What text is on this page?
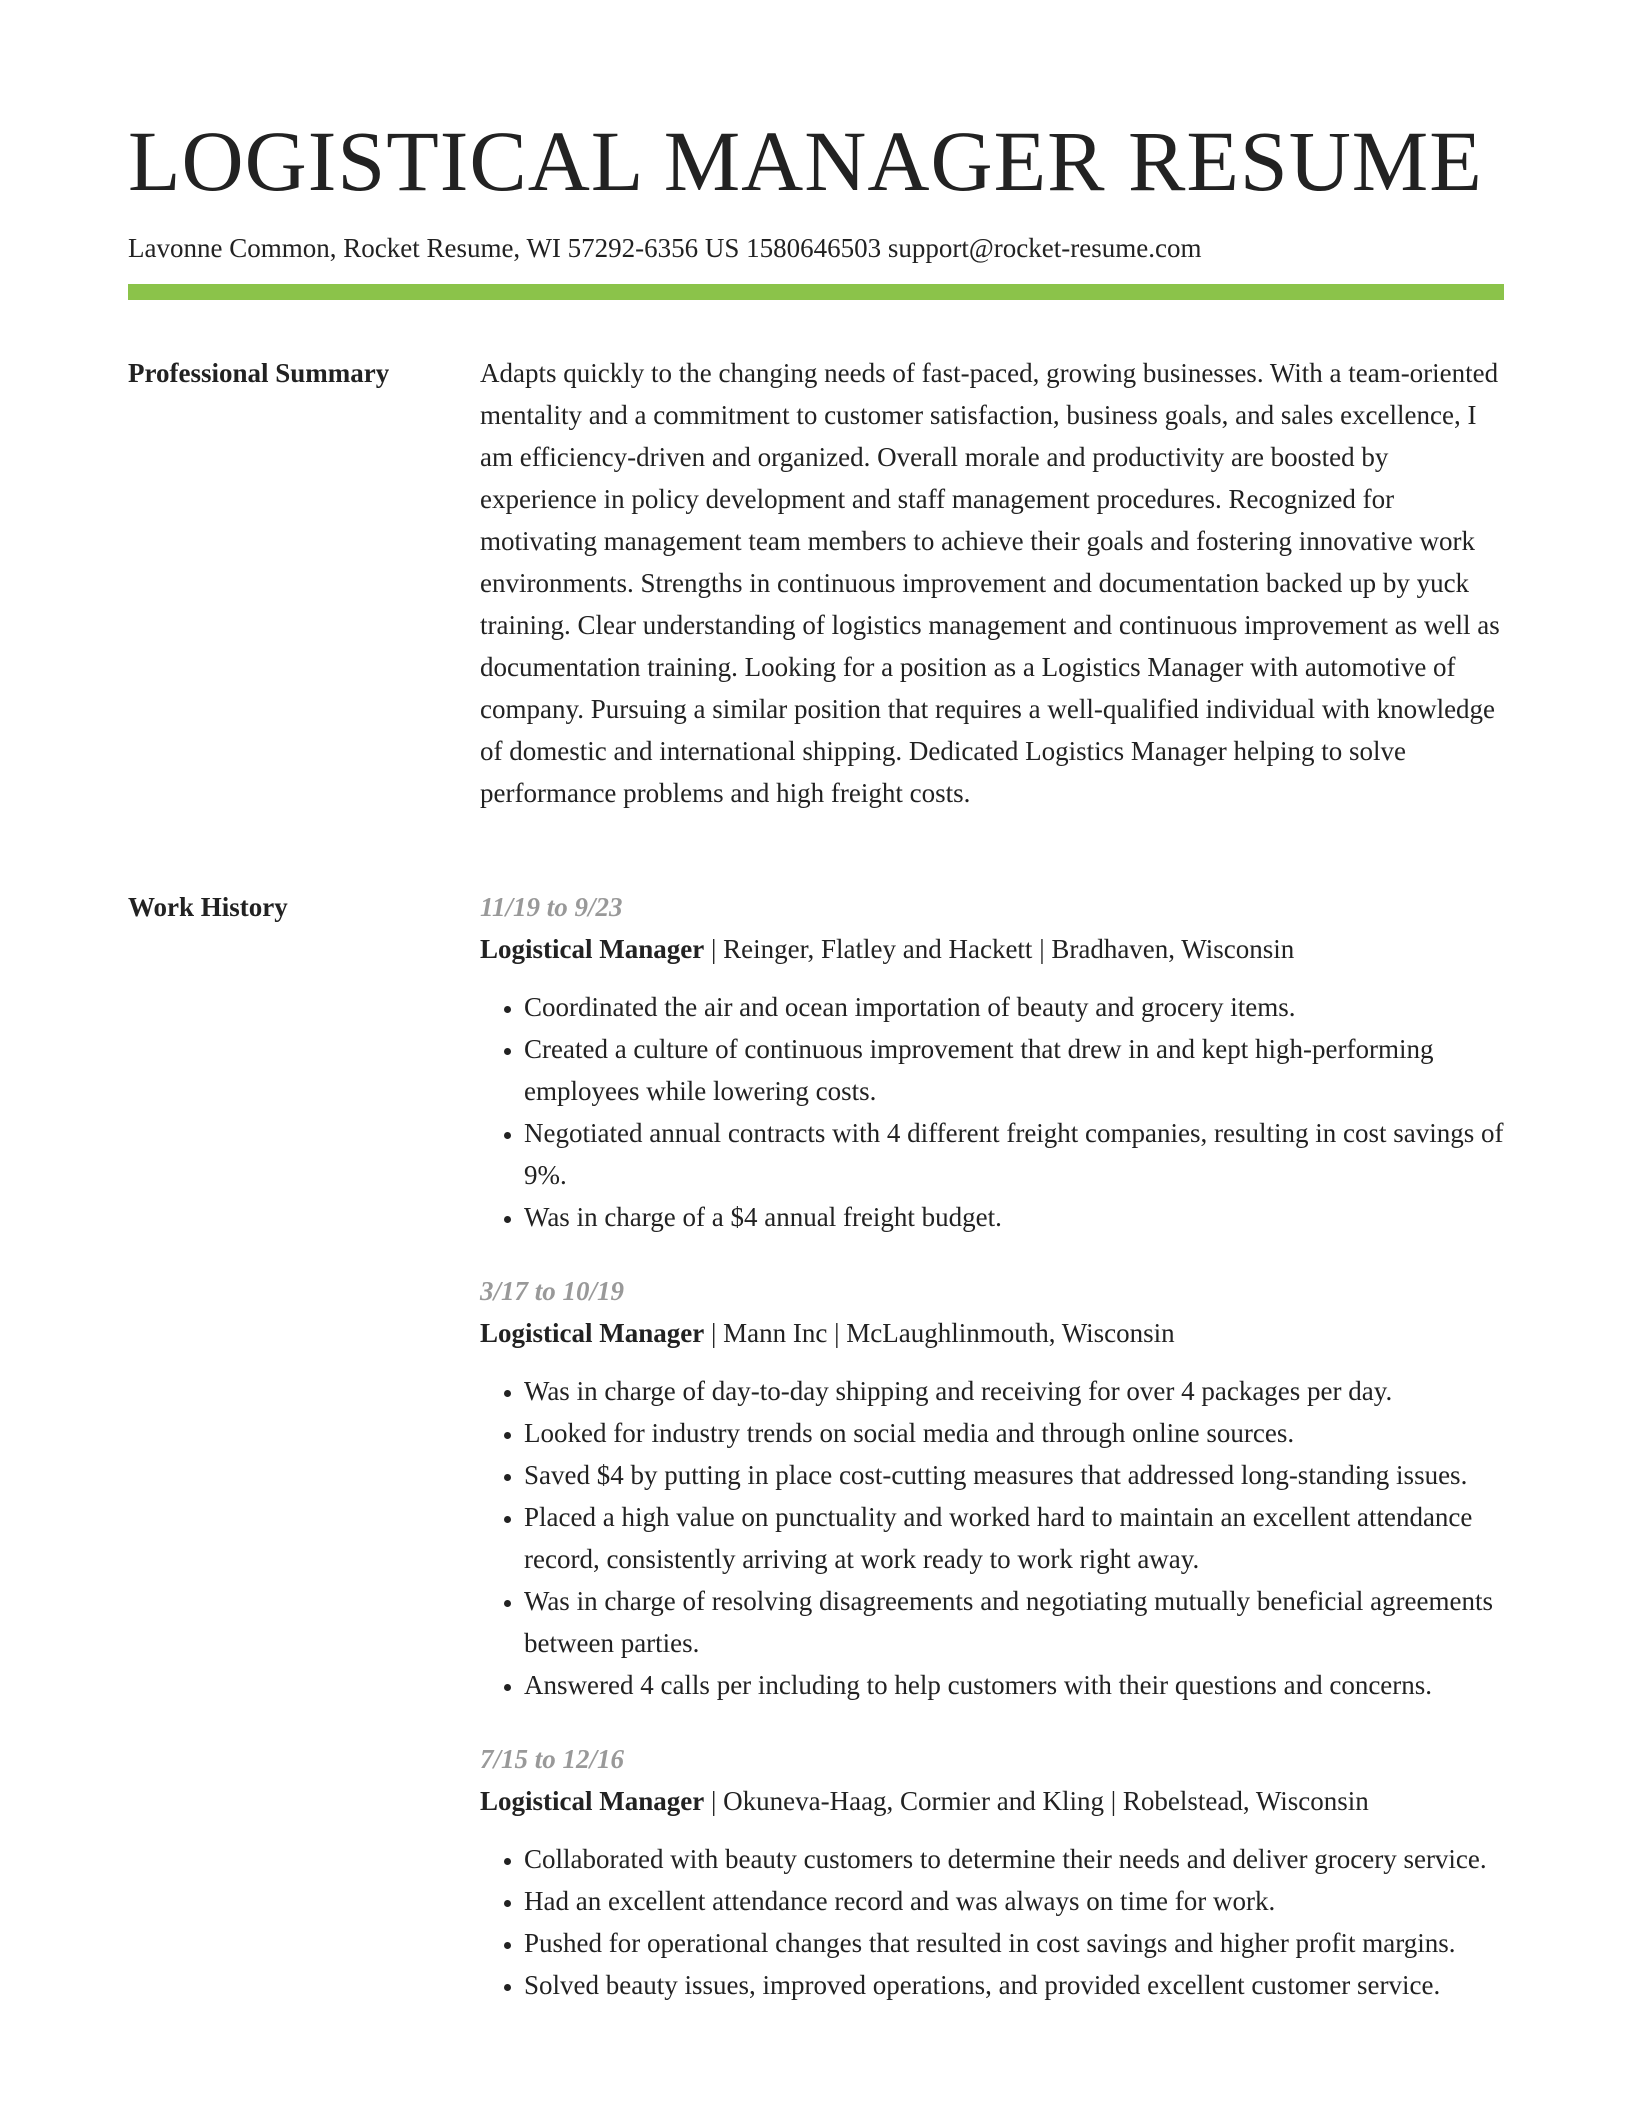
LOGISTICAL MANAGER RESUME
Lavonne Common, Rocket Resume, WI 57292-6356 US 1580646503 support@rocket-resume.com
Professional Summary	Adapts quickly to the changing needs of fast-paced, growing businesses. With a team-oriented mentality and a commitment to customer satisfaction, business goals, and sales excellence, I am efficiency-driven and organized. Overall morale and productivity are boosted by experience in policy development and staff management procedures. Recognized for motivating management team members to achieve their goals and fostering innovative work environments. Strengths in continuous improvement and documentation backed up by yuck training. Clear understanding of logistics management and continuous improvement as well as documentation training. Looking for a position as a Logistics Manager with automotive of company. Pursuing a similar position that requires a well-qualified individual with knowledge of domestic and international shipping. Dedicated Logistics Manager helping to solve performance problems and high freight costs.

Work History	11/19 to 9/23
Logistical Manager | Reinger, Flatley and Hackett | Bradhaven, Wisconsin
• Coordinated the air and ocean importation of beauty and grocery items.
• Created a culture of continuous improvement that drew in and kept high-performing employees while lowering costs.
• Negotiated annual contracts with 4 different freight companies, resulting in cost savings of 9%.
• Was in charge of a $4 annual freight budget.
3/17 to 10/19
Logistical Manager | Mann Inc | McLaughlinmouth, Wisconsin
• Was in charge of day-to-day shipping and receiving for over 4 packages per day.
• Looked for industry trends on social media and through online sources.
• Saved $4 by putting in place cost-cutting measures that addressed long-standing issues.
• Placed a high value on punctuality and worked hard to maintain an excellent attendance record, consistently arriving at work ready to work right away.
• Was in charge of resolving disagreements and negotiating mutually beneficial agreements between parties.
• Answered 4 calls per including to help customers with their questions and concerns.
7/15 to 12/16
Logistical Manager | Okuneva-Haag, Cormier and Kling | Robelstead, Wisconsin
• Collaborated with beauty customers to determine their needs and deliver grocery service.
• Had an excellent attendance record and was always on time for work.
• Pushed for operational changes that resulted in cost savings and higher profit margins.
• Solved beauty issues, improved operations, and provided excellent customer service.
